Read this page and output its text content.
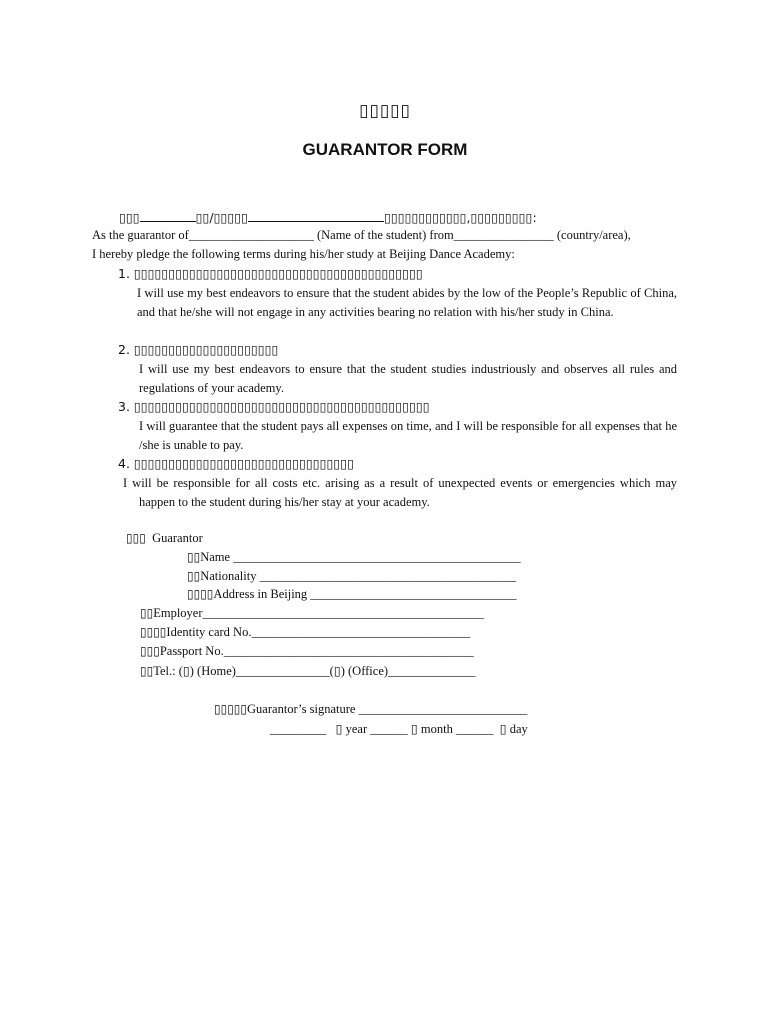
▯▯▯▯▯
GUARANTOR FORM
▯▯▯	▯▯/▯▯▯▯▯	▯▯▯▯▯▯▯▯▯▯▯▯,▯▯▯▯▯▯▯▯▯:
As the guarantor of____________________ (Name of the student) from________________ (country/area),
I hereby pledge the following terms during his/her study at Beijing Dance Academy:
1. ▯▯▯▯▯▯▯▯▯▯▯▯▯▯▯▯▯▯▯▯▯▯▯▯▯▯▯▯▯▯▯▯▯▯▯▯▯▯▯▯▯▯
I will use my best endeavors to ensure that the student abides by the low of the People’s Republic of China, and that he/she will not engage in any activities bearing no relation with his/her study in China.
2. ▯▯▯▯▯▯▯▯▯▯▯▯▯▯▯▯▯▯▯▯▯
I will use my best endeavors to ensure that the student studies industriously and observes all rules and regulations of your academy.
3. ▯▯▯▯▯▯▯▯▯▯▯▯▯▯▯▯▯▯▯▯▯▯▯▯▯▯▯▯▯▯▯▯▯▯▯▯▯▯▯▯▯▯▯
I will guarantee that the student pays all expenses on time, and I will be responsible for all expenses that he /she is unable to pay.
4. ▯▯▯▯▯▯▯▯▯▯▯▯▯▯▯▯▯▯▯▯▯▯▯▯▯▯▯▯▯▯▯▯
I will be responsible for all costs etc. arising as a result of unexpected events or emergencies which may happen to the student during his/her stay at your academy.
▯▯▯ Guarantor
▯▯Name ______________________________________________
▯▯Nationality _________________________________________
▯▯▯▯Address in Beijing _________________________________
▯▯Employer_____________________________________________
▯▯▯▯Identity card No.___________________________________
▯▯▯Passport No.________________________________________
▯▯Tel.: (▯) (Home)_______________(▯) (Office)______________
▯▯▯▯▯Guarantor’s signature ___________________________
_________ ▯ year ______ ▯ month ______ ▯ day
